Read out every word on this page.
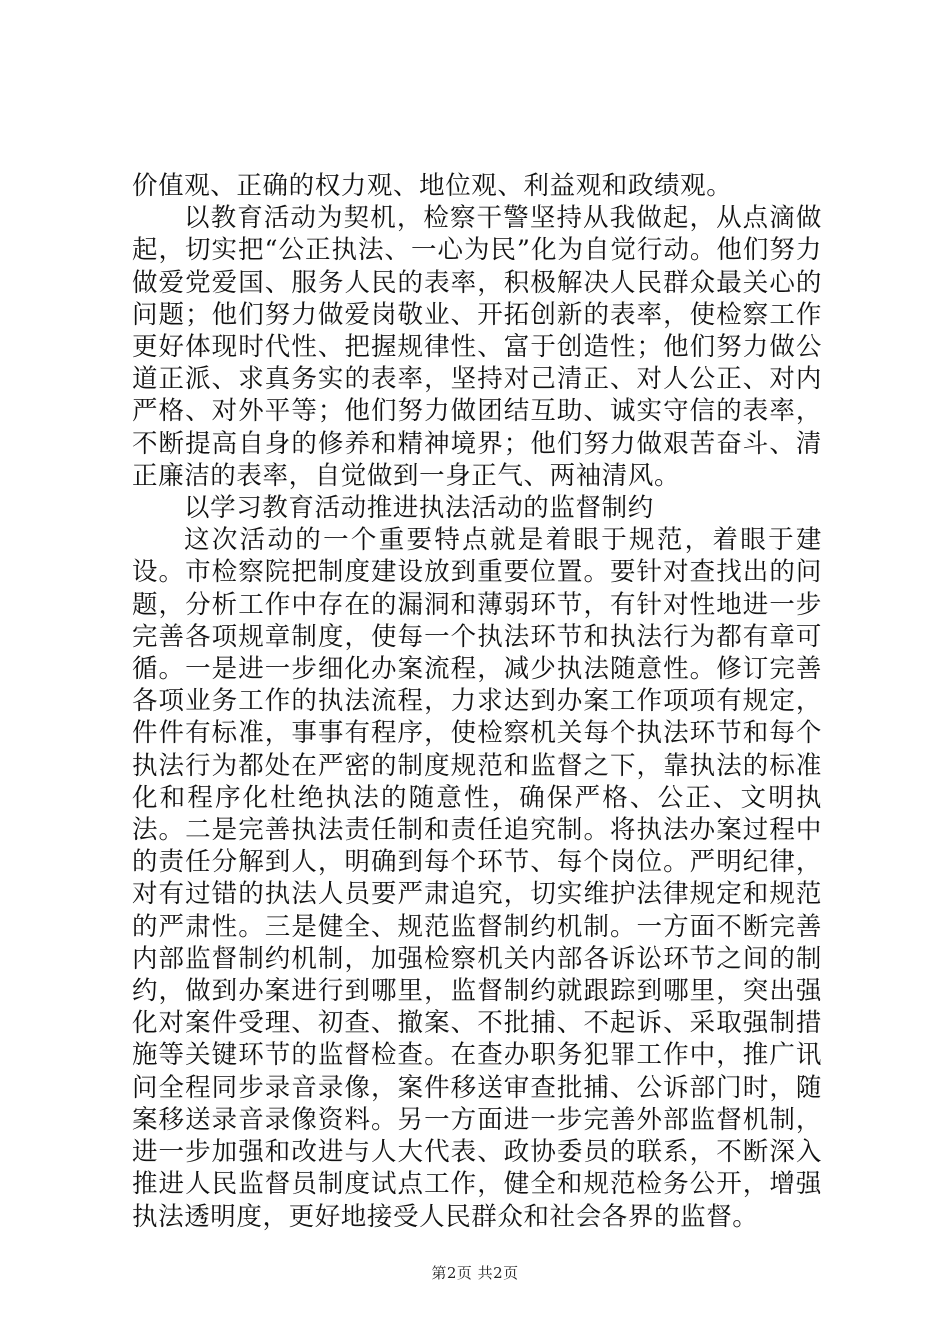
价值观、正确的权力观、地位观、利益观和政绩观。

以教育活动为契机，检察干警坚持从我做起，从点滴做起，切实把“公正执法、一心为民”化为自觉行动。他们努力做爱党爱国、服务人民的表率，积极解决人民群众最关心的问题；他们努力做爱岗敬业、开拓创新的表率，使检察工作更好体现时代性、把握规律性、富于创造性；他们努力做公道正派、求真务实的表率，坚持对己清正、对人公正、对内严格、对外平等；他们努力做团结互助、诚实守信的表率，不断提高自身的修养和精神境界；他们努力做艰苦奋斗、清正廉洁的表率，自觉做到一身正气、两袖清风。

以学习教育活动推进执法活动的监督制约

这次活动的一个重要特点就是着眼于规范，着眼于建设。市检察院把制度建设放到重要位置。要针对查找出的问题，分析工作中存在的漏洞和薄弱环节，有针对性地进一步完善各项规章制度，使每一个执法环节和执法行为都有章可循。一是进一步细化办案流程，减少执法随意性。修订完善各项业务工作的执法流程，力求达到办案工作项项有规定，件件有标准，事事有程序，使检察机关每个执法环节和每个执法行为都处在严密的制度规范和监督之下，靠执法的标准化和程序化杜绝执法的随意性，确保严格、公正、文明执法。二是完善执法责任制和责任追究制。将执法办案过程中的责任分解到人，明确到每个环节、每个岗位。严明纪律，对有过错的执法人员要严肃追究，切实维护法律规定和规范的严肃性。三是健全、规范监督制约机制。一方面不断完善内部监督制约机制，加强检察机关内部各诉讼环节之间的制约，做到办案进行到哪里，监督制约就跟踪到哪里，突出强化对案件受理、初查、撤案、不批捕、不起诉、采取强制措施等关键环节的监督检查。在查办职务犯罪工作中，推广讯问全程同步录音录像，案件移送审查批捕、公诉部门时，随案移送录音录像资料。另一方面进一步完善外部监督机制，进一步加强和改进与人大代表、政协委员的联系，不断深入推进人民监督员制度试点工作，健全和规范检务公开，增强执法透明度，更好地接受人民群众和社会各界的监督。

第2页 共2页
